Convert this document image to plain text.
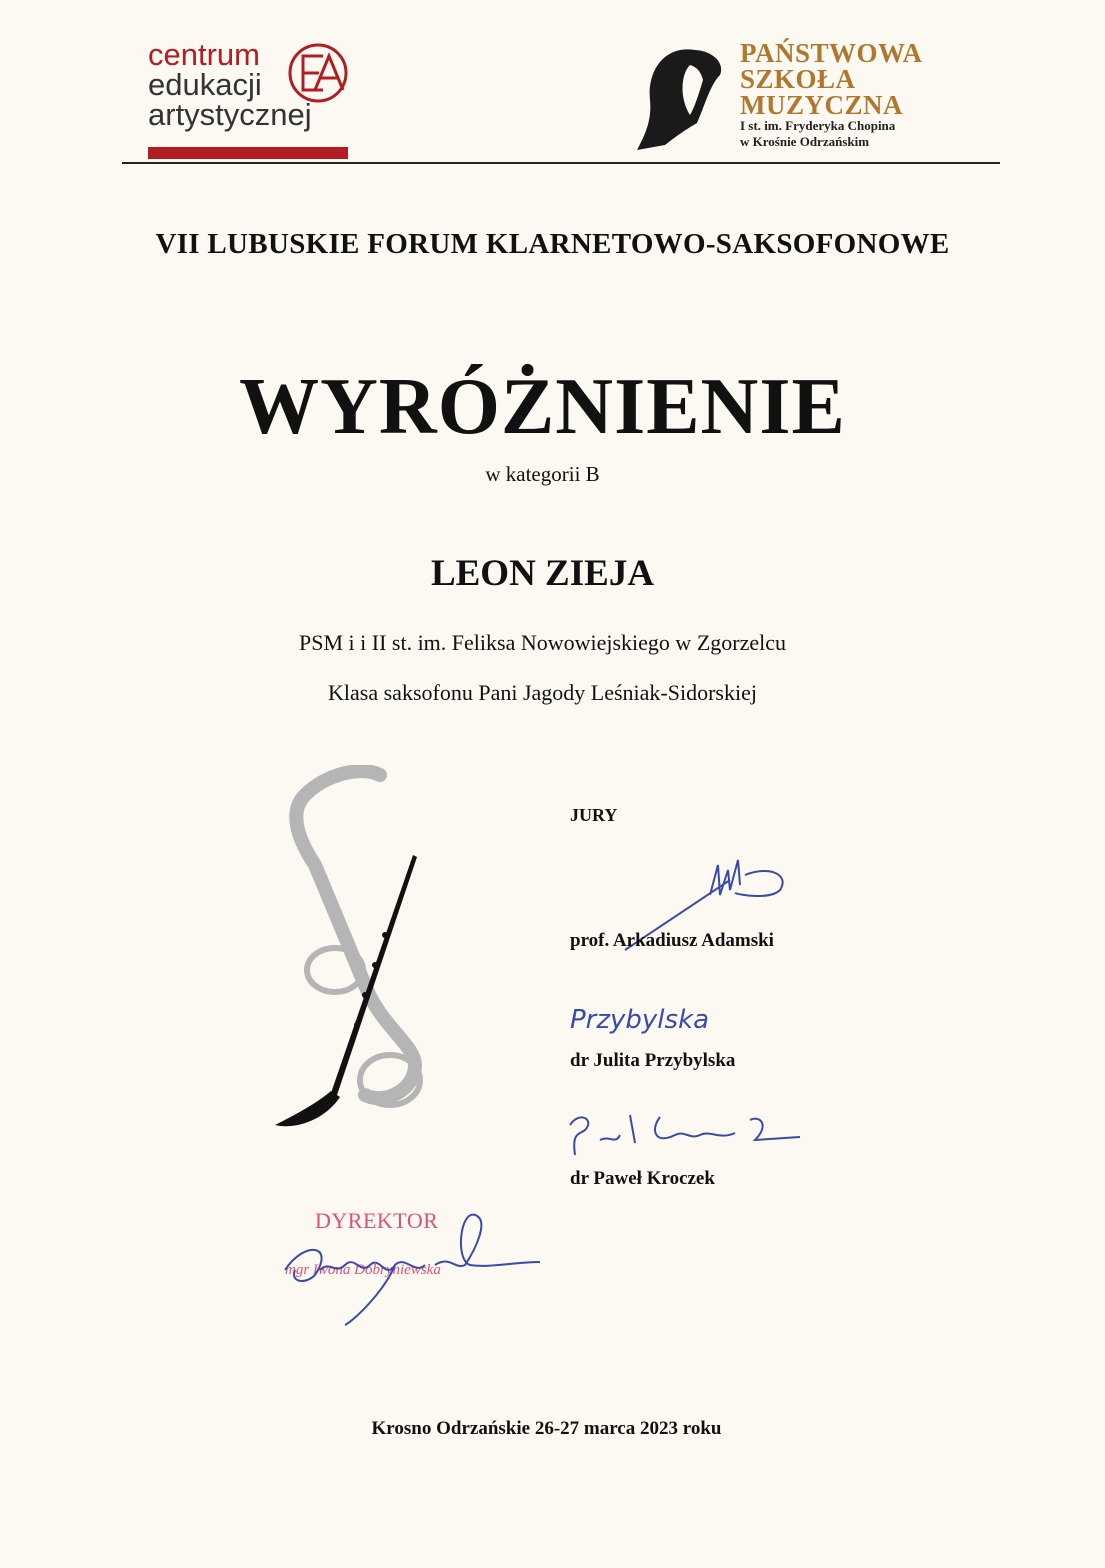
centrum
edukacji
artystycznej
PAŃSTWOWA
SZKOŁA
MUZYCZNA
I st. im. Fryderyka Chopina
w Krośnie Odrzańskim
VII LUBUSKIE FORUM KLARNETOWO-SAKSOFONOWE
WYRÓŻNIENIE
w kategorii B
LEON ZIEJA
PSM i i II st. im. Feliksa Nowowiejskiego w Zgorzelcu
Klasa saksofonu Pani Jagody Leśniak-Sidorskiej
JURY
prof. Arkadiusz Adamski
Przybylska
dr Julita Przybylska
dr Paweł Kroczek
DYREKTOR
mgr Iwona Dobryniewska
Krosno Odrzańskie 26-27 marca 2023 roku
